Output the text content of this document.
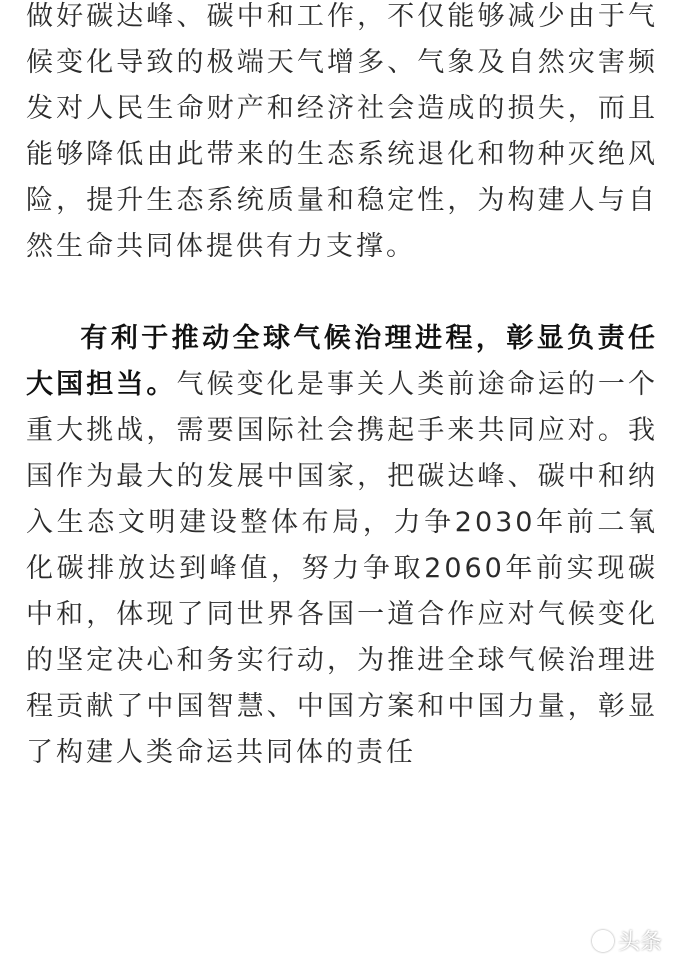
做好碳达峰、碳中和工作，不仅能够减少由于气候变化导致的极端天气增多、气象及自然灾害频发对人民生命财产和经济社会造成的损失，而且能够降低由此带来的生态系统退化和物种灭绝风险，提升生态系统质量和稳定性，为构建人与自然生命共同体提供有力支撑。

有利于推动全球气候治理进程，彰显负责任大国担当。气候变化是事关人类前途命运的一个重大挑战，需要国际社会携起手来共同应对。我国作为最大的发展中国家，把碳达峰、碳中和纳入生态文明建设整体布局，力争2030年前二氧化碳排放达到峰值，努力争取2060年前实现碳中和，体现了同世界各国一道合作应对气候变化的坚定决心和务实行动，为推进全球气候治理进程贡献了中国智慧、中国方案和中国力量，彰显了构建人类命运共同体的责任

头条
